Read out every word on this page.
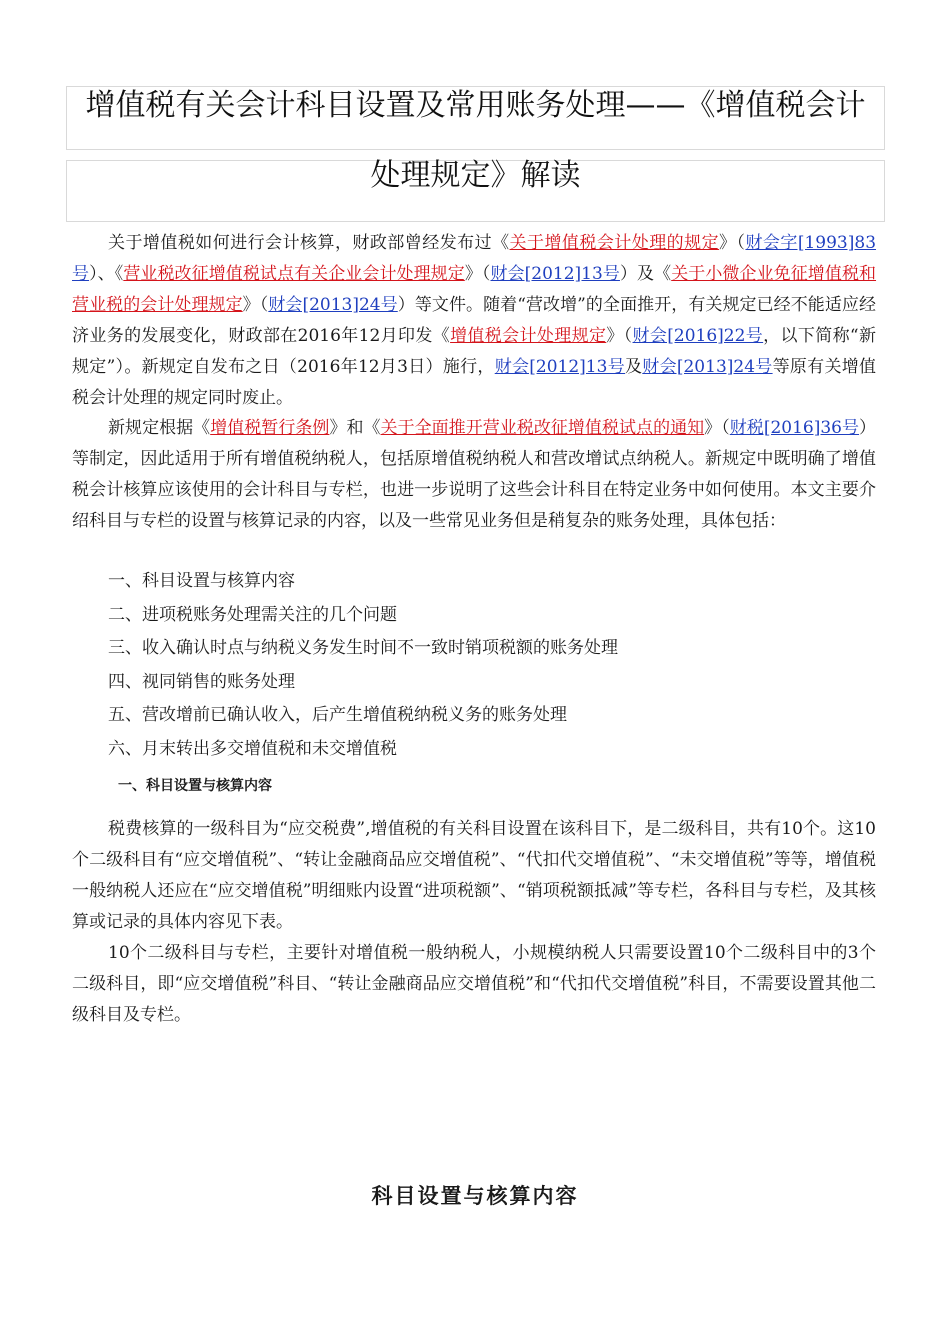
增值税有关会计科目设置及常用账务处理——《增值税会计
处理规定》解读
关于增值税如何进行会计核算，财政部曾经发布过《关于增值税会计处理的规定》（财会字[1993]83号）、《营业税改征增值税试点有关企业会计处理规定》（财会[2012]13号）及《关于小微企业免征增值税和营业税的会计处理规定》（财会[2013]24号）等文件。随着“营改增”的全面推开，有关规定已经不能适应经济业务的发展变化，财政部在2016年12月印发《增值税会计处理规定》（财会[2016]22号，以下简称“新规定”）。新规定自发布之日（2016年12月3日）施行，财会[2012]13号及财会[2013]24号等原有关增值税会计处理的规定同时废止。
新规定根据《增值税暂行条例》和《关于全面推开营业税改征增值税试点的通知》（财税[2016]36号）等制定，因此适用于所有增值税纳税人，包括原增值税纳税人和营改增试点纳税人。新规定中既明确了增值税会计核算应该使用的会计科目与专栏，也进一步说明了这些会计科目在特定业务中如何使用。本文主要介绍科目与专栏的设置与核算记录的内容，以及一些常见业务但是稍复杂的账务处理，具体包括：
一、科目设置与核算内容
二、进项税账务处理需关注的几个问题
三、收入确认时点与纳税义务发生时间不一致时销项税额的账务处理
四、视同销售的账务处理
五、营改增前已确认收入，后产生增值税纳税义务的账务处理
六、月末转出多交增值税和未交增值税
一、科目设置与核算内容
税费核算的一级科目为“应交税费”,增值税的有关科目设置在该科目下，是二级科目，共有10个。这10个二级科目有“应交增值税”、“转让金融商品应交增值税”、“代扣代交增值税”、“未交增值税”等等，增值税一般纳税人还应在“应交增值税”明细账内设置“进项税额”、“销项税额抵减”等专栏，各科目与专栏，及其核算或记录的具体内容见下表。
10个二级科目与专栏，主要针对增值税一般纳税人，小规模纳税人只需要设置10个二级科目中的3个二级科目，即“应交增值税”科目、“转让金融商品应交增值税”和“代扣代交增值税”科目，不需要设置其他二级科目及专栏。
科目设置与核算内容
